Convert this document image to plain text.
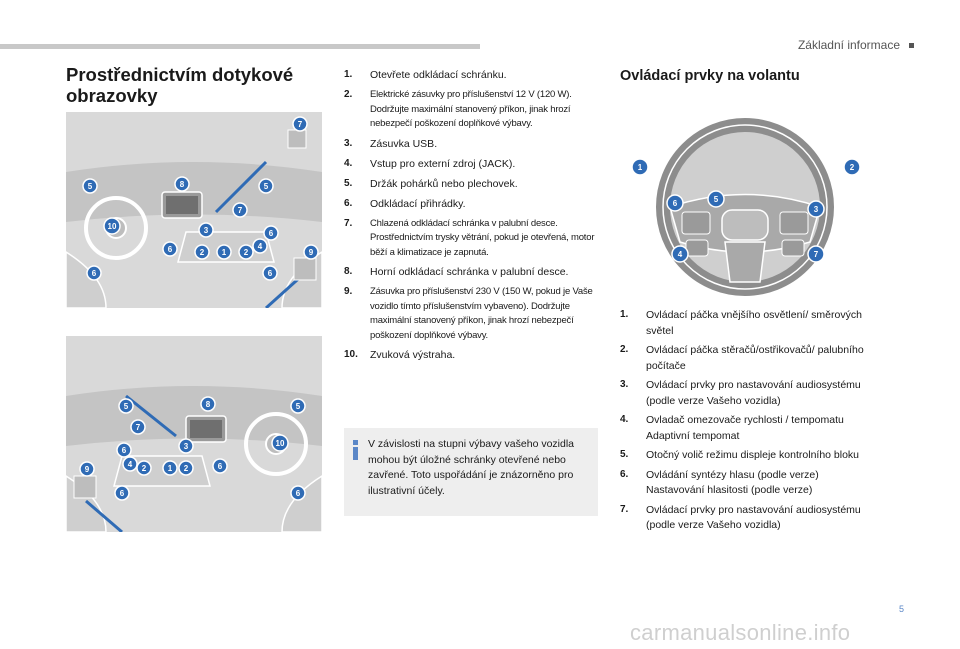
Základní informace
Prostřednictvím dotykové
obrazovky
7
5	8	5
7
10	3	6
6	2 1 2
4
9
6	6
5	8	5
7
10
3
6
4 2	1 2	6
9
6	6
1.	Otevřete odkládací schránku.
2.	Elektrické zásuvky pro příslušenství 12 V (120 W). Dodržujte maximální stanovený příkon, jinak hrozí nebezpečí poškození doplňkové výbavy.
3.	Zásuvka USB.
4.	Vstup pro externí zdroj (JACK).
5.	Držák pohárků nebo plechovek.
6.	Odkládací přihrádky.
7.	Chlazená odkládací schránka v palubní desce. Prostřednictvím trysky větrání, pokud je otevřená, motor běží a klimatizace je zapnutá.
8.	Horní odkládací schránka v palubní desce.
9.	Zásuvka pro příslušenství 230 V (150 W, pokud je Vaše vozidlo tímto příslušenstvím vybaveno). Dodržujte maximální stanovený příkon, jinak hrozí nebezpečí poškození doplňkové výbavy.
10.	Zvuková výstraha.
V závislosti na stupni výbavy vašeho vozidla mohou být úložné schránky otevřené nebo zavřené. Toto uspořádání je znázorněno pro ilustrativní účely.
Ovládací prvky na volantu
1	2
6	5
3
4	7
1.	Ovládací páčka vnějšího osvětlení/ směrových světel
2.	Ovládací páčka stěračů/ostřikovačů/ palubního počítače
3.	Ovládací prvky pro nastavování audiosystému (podle verze Vašeho vozidla)
4.	Ovladač omezovače rychlosti / tempomatu Adaptivní tempomat
5.	Otočný volič režimu displeje kontrolního bloku
6.	Ovládání syntézy hlasu (podle verze) Nastavování hlasitosti (podle verze)
7.	Ovládací prvky pro nastavování audiosystému (podle verze Vašeho vozidla)
5
carmanualsonline.info
